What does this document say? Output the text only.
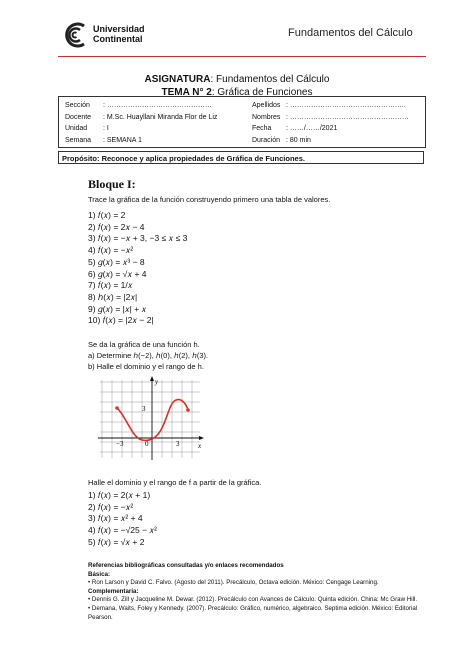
Universidad
Continental	Fundamentos del Cálculo
ASIGNATURA: Fundamentos del Cálculo
TEMA N° 2: Gráfica de Funciones
Sección	: ………………………………………
Docente	: M.Sc. Huayllani Miranda Flor de Liz
Unidad	: I
Semana	: SEMANA 1
Apellidos : …………………………………………..
Nombres : ……………………………………………
Fecha	: ……/……/2021
Duración : 80 min
Propósito: Reconoce y aplica propiedades de Gráfica de Funciones.
Bloque I:
Trace la gráfica de la función construyendo primero una tabla de valores.
1) 𝑓(𝑥) = 2
2) 𝑓(𝑥) = 2𝑥 − 4
3) 𝑓(𝑥) = −𝑥 + 3, −3 ≤ 𝑥 ≤ 3
4) 𝑓(𝑥) = −𝑥²
5) 𝑔(𝑥) = 𝑥³ − 8
6) 𝑔(𝑥) = √𝑥 + 4
7) 𝑓(𝑥) = 1/𝑥
8) ℎ(𝑥) = |2𝑥|
9) 𝑔(𝑥) = |𝑥| + 𝑥
10) 𝑓(𝑥) = |2𝑥 − 2|
Se da la gráfica de una función h.
a) Determine ℎ(−2), ℎ(0), ℎ(2), ℎ(3).
b) Halle el dominio y el rango de h.
y
x
3
−3	0	3
Halle el dominio y el rango de f a partir de la gráfica.
1) 𝑓(𝑥) = 2(𝑥 + 1)
2) 𝑓(𝑥) = −𝑥²
3) 𝑓(𝑥) = 𝑥² + 4
4) 𝑓(𝑥) = −√25 − 𝑥²
5) 𝑓(𝑥) = √𝑥 + 2
Referencias bibliográficas consultadas y/o enlaces recomendados
Básica:
• Ron Larson y David C. Falvo. (Agosto del 2011). Precálculo, Octava edición. México: Cengage Learning.
Complementaria:
• Dennis G. Zill y Jacqueline M. Dewar. (2012). Precálculo con Avances de Cálculo. Quinta edición. China: Mc Graw Hill.
• Demana, Waits, Foley y Kennedy. (2007). Precálculo: Gráfico, numérico, algebraico. Septima edición. México: Editorial Pearson.
